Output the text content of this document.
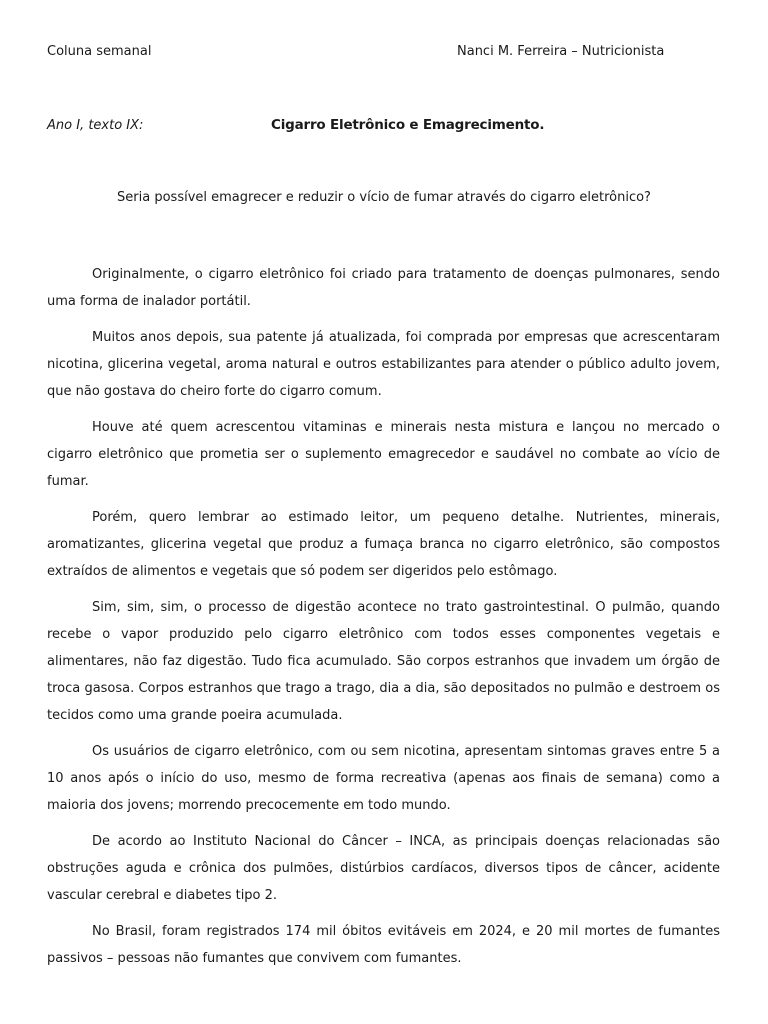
Coluna semanal	Nanci M. Ferreira – Nutricionista
Ano I, texto IX:	Cigarro Eletrônico e Emagrecimento.
Seria possível emagrecer e reduzir o vício de fumar através do cigarro eletrônico?

Originalmente, o cigarro eletrônico foi criado para tratamento de doenças pulmonares, sendo uma forma de inalador portátil.

Muitos anos depois, sua patente já atualizada, foi comprada por empresas que acrescentaram nicotina, glicerina vegetal, aroma natural e outros estabilizantes para atender o público adulto jovem, que não gostava do cheiro forte do cigarro comum.

Houve até quem acrescentou vitaminas e minerais nesta mistura e lançou no mercado o cigarro eletrônico que prometia ser o suplemento emagrecedor e saudável no combate ao vício de fumar.

Porém, quero lembrar ao estimado leitor, um pequeno detalhe. Nutrientes, minerais, aromatizantes, glicerina vegetal que produz a fumaça branca no cigarro eletrônico, são compostos extraídos de alimentos e vegetais que só podem ser digeridos pelo estômago.

Sim, sim, sim, o processo de digestão acontece no trato gastrointestinal. O pulmão, quando recebe o vapor produzido pelo cigarro eletrônico com todos esses componentes vegetais e alimentares, não faz digestão. Tudo fica acumulado. São corpos estranhos que invadem um órgão de troca gasosa. Corpos estranhos que trago a trago, dia a dia, são depositados no pulmão e destroem os tecidos como uma grande poeira acumulada.

Os usuários de cigarro eletrônico, com ou sem nicotina, apresentam sintomas graves entre 5 a 10 anos após o início do uso, mesmo de forma recreativa (apenas aos finais de semana) como a maioria dos jovens; morrendo precocemente em todo mundo.

De acordo ao Instituto Nacional do Câncer – INCA, as principais doenças relacionadas são obstruções aguda e crônica dos pulmões, distúrbios cardíacos, diversos tipos de câncer, acidente vascular cerebral e diabetes tipo 2.

No Brasil, foram registrados 174 mil óbitos evitáveis em 2024, e 20 mil mortes de fumantes passivos – pessoas não fumantes que convivem com fumantes.
